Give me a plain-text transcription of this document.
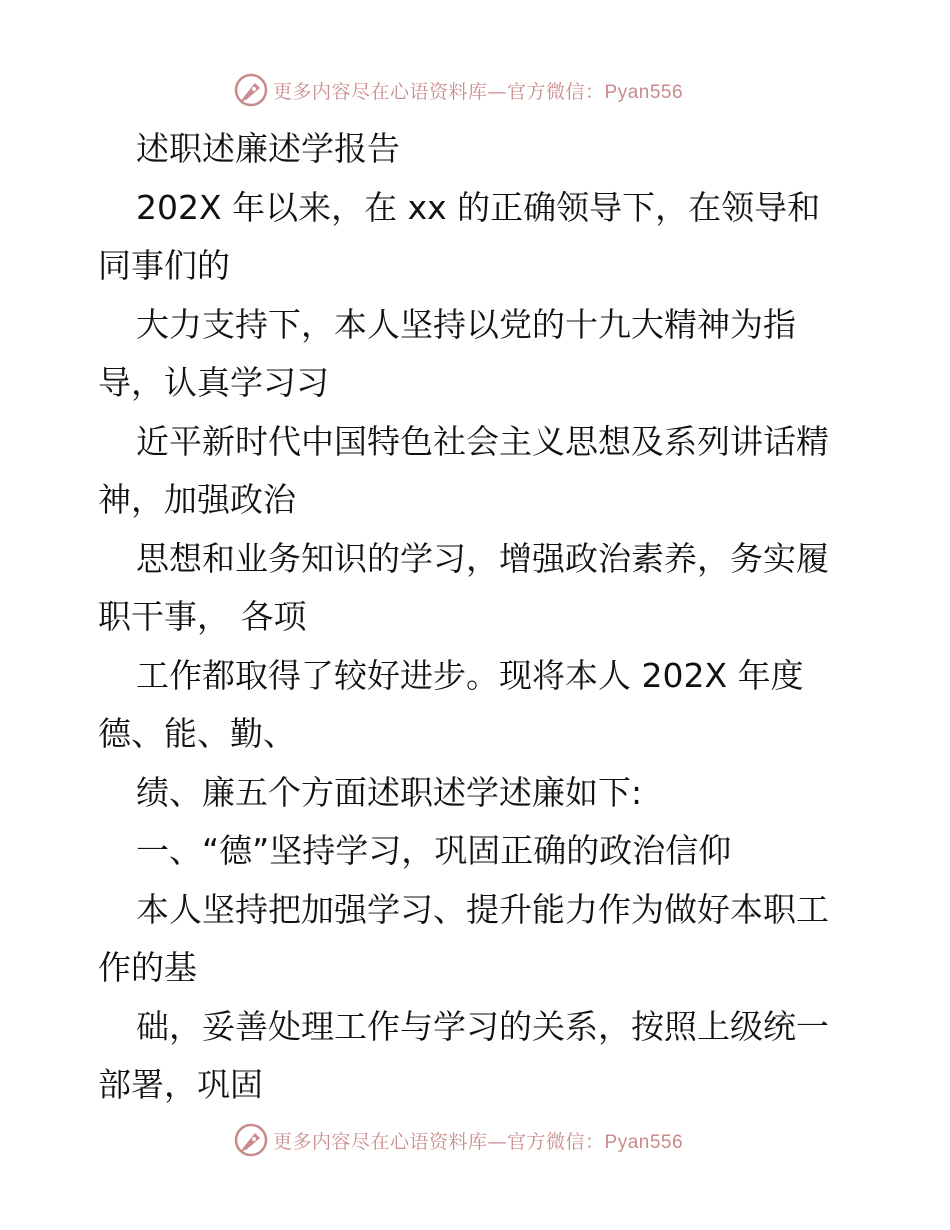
更多内容尽在心语资料库—官方微信：Pyan556
述职述廉述学报告
202X 年以来，在 xx 的正确领导下，在领导和
同事们的
大力支持下，本人坚持以党的十九大精神为指
导，认真学习习
近平新时代中国特色社会主义思想及系列讲话精
神，加强政治
思想和业务知识的学习，增强政治素养，务实履
职干事， 各项
工作都取得了较好进步。现将本人 202X 年度
德、能、勤、
绩、廉五个方面述职述学述廉如下:
一、“德”坚持学习，巩固正确的政治信仰
本人坚持把加强学习、提升能力作为做好本职工
作的基
础，妥善处理工作与学习的关系，按照上级统一
部署，巩固
更多内容尽在心语资料库—官方微信：Pyan556
